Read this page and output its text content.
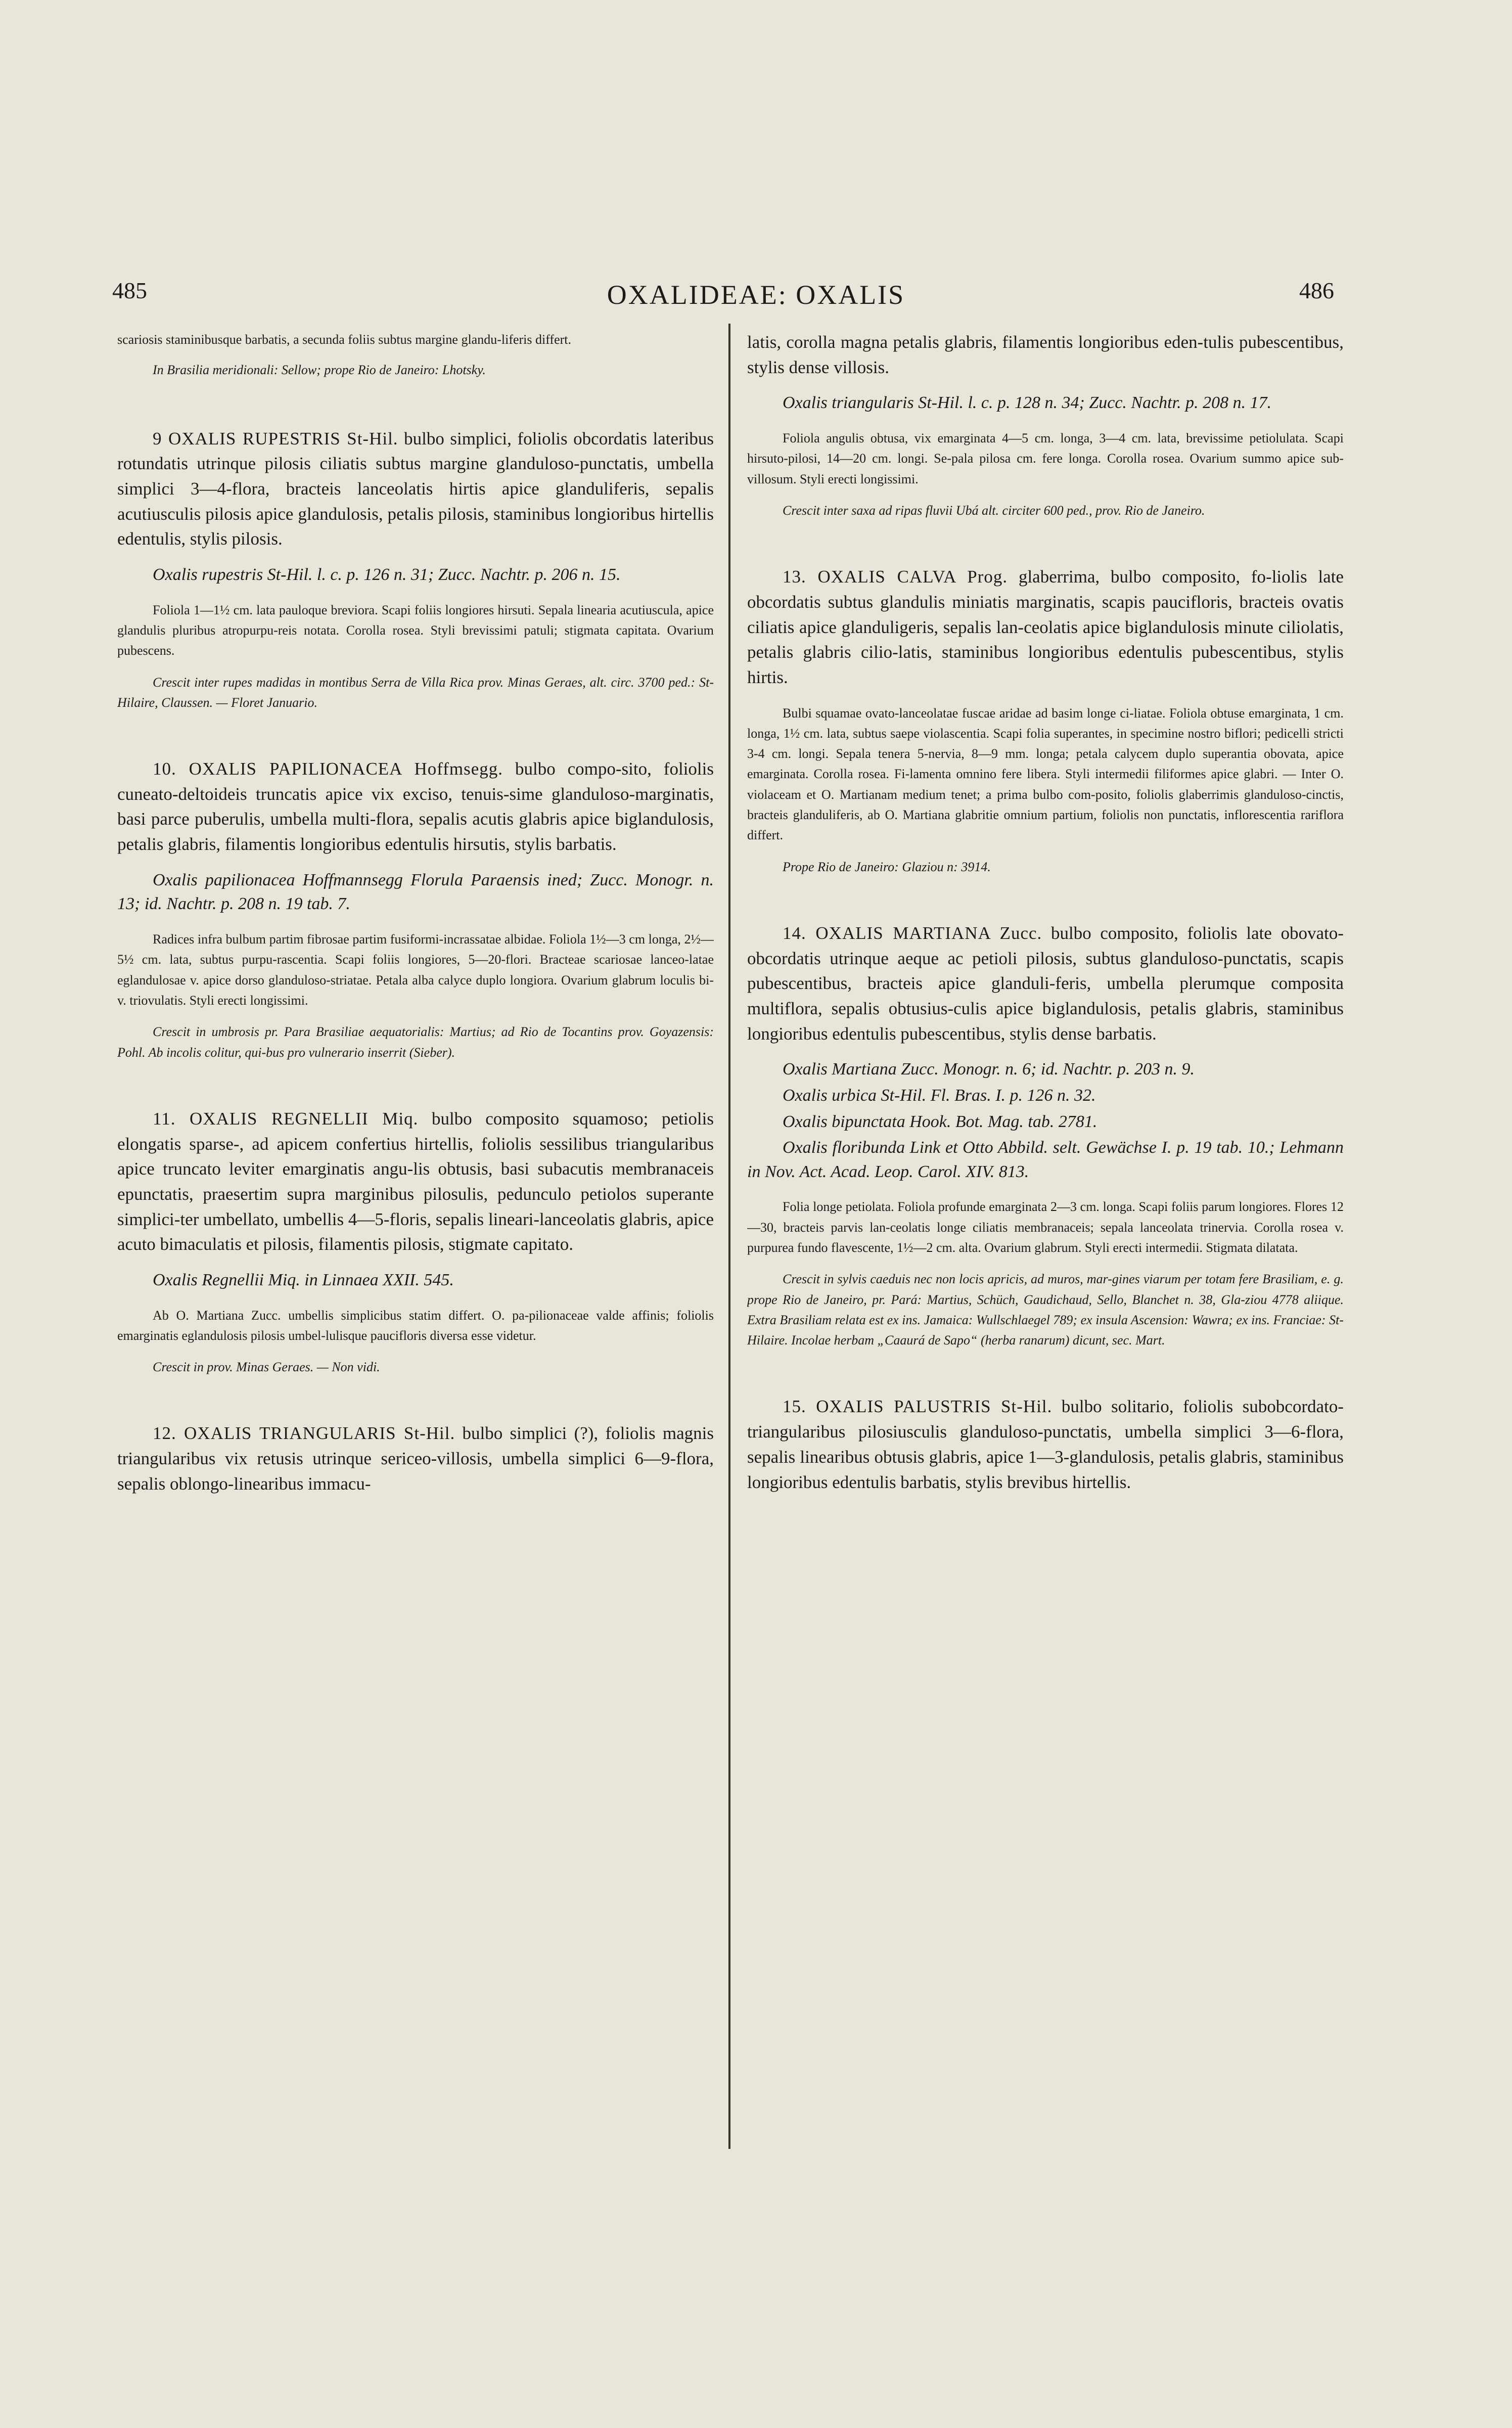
485	OXALIDEAE: OXALIS	486

scariosis staminibusque barbatis, a secunda foliis subtus margine glandu-liferis differt.

In Brasilia meridionali: Sellow; prope Rio de Janeiro: Lhotsky.

9 OXALIS RUPESTRIS St-Hil. bulbo simplici, foliolis obcordatis lateribus rotundatis utrinque pilosis ciliatis subtus margine glanduloso-punctatis, umbella simplici 3—4-flora, bracteis lanceolatis hirtis apice glanduliferis, sepalis acutiusculis pilosis apice glandulosis, petalis pilosis, staminibus longioribus hirtellis edentulis, stylis pilosis.

Oxalis rupestris St-Hil. l. c. p. 126 n. 31; Zucc. Nachtr. p. 206 n. 15.

Foliola 1—1½ cm. lata pauloque breviora. Scapi foliis longiores hirsuti. Sepala linearia acutiuscula, apice glandulis pluribus atropurpu-reis notata. Corolla rosea. Styli brevissimi patuli; stigmata capitata. Ovarium pubescens.

Crescit inter rupes madidas in montibus Serra de Villa Rica prov. Minas Geraes, alt. circ. 3700 ped.: St-Hilaire, Claussen. — Floret Januario.

10. OXALIS PAPILIONACEA Hoffmsegg. bulbo compo-sito, foliolis cuneato-deltoideis truncatis apice vix exciso, tenuis-sime glanduloso-marginatis, basi parce puberulis, umbella multi-flora, sepalis acutis glabris apice biglandulosis, petalis glabris, filamentis longioribus edentulis hirsutis, stylis barbatis.

Oxalis papilionacea Hoffmannsegg Florula Paraensis ined; Zucc. Monogr. n. 13; id. Nachtr. p. 208 n. 19 tab. 7.

Radices infra bulbum partim fibrosae partim fusiformi-incrassatae albidae. Foliola 1½—3 cm longa, 2½—5½ cm. lata, subtus purpu-rascentia. Scapi foliis longiores, 5—20-flori. Bracteae scariosae lanceo-latae eglandulosae v. apice dorso glanduloso-striatae. Petala alba calyce duplo longiora. Ovarium glabrum loculis bi- v. triovulatis. Styli erecti longissimi.

Crescit in umbrosis pr. Para Brasiliae aequatorialis: Martius; ad Rio de Tocantins prov. Goyazensis: Pohl. Ab incolis colitur, qui-bus pro vulnerario inserrit (Sieber).

11. OXALIS REGNELLII Miq. bulbo composito squamoso; petiolis elongatis sparse-, ad apicem confertius hirtellis, foliolis sessilibus triangularibus apice truncato leviter emarginatis angu-lis obtusis, basi subacutis membranaceis epunctatis, praesertim supra marginibus pilosulis, pedunculo petiolos superante simplici-ter umbellato, umbellis 4—5-floris, sepalis lineari-lanceolatis glabris, apice acuto bimaculatis et pilosis, filamentis pilosis, stigmate capitato.

Oxalis Regnellii Miq. in Linnaea XXII. 545.

Ab O. Martiana Zucc. umbellis simplicibus statim differt. O. pa-pilionaceae valde affinis; foliolis emarginatis eglandulosis pilosis umbel-lulisque paucifloris diversa esse videtur.

Crescit in prov. Minas Geraes. — Non vidi.

12. OXALIS TRIANGULARIS St-Hil. bulbo simplici (?), foliolis magnis triangularibus vix retusis utrinque sericeo-villosis, umbella simplici 6—9-flora, sepalis oblongo-linearibus immacu-

latis, corolla magna petalis glabris, filamentis longioribus eden-tulis pubescentibus, stylis dense villosis.

Oxalis triangularis St-Hil. l. c. p. 128 n. 34; Zucc. Nachtr. p. 208 n. 17.

Foliola angulis obtusa, vix emarginata 4—5 cm. longa, 3—4 cm. lata, brevissime petiolulata. Scapi hirsuto-pilosi, 14—20 cm. longi. Se-pala pilosa cm. fere longa. Corolla rosea. Ovarium summo apice sub-villosum. Styli erecti longissimi.

Crescit inter saxa ad ripas fluvii Ubá alt. circiter 600 ped., prov. Rio de Janeiro.

13. OXALIS CALVA Prog. glaberrima, bulbo composito, fo-liolis late obcordatis subtus glandulis miniatis marginatis, scapis paucifloris, bracteis ovatis ciliatis apice glanduligeris, sepalis lan-ceolatis apice biglandulosis minute ciliolatis, petalis glabris cilio-latis, staminibus longioribus edentulis pubescentibus, stylis hirtis.

Bulbi squamae ovato-lanceolatae fuscae aridae ad basim longe ci-liatae. Foliola obtuse emarginata, 1 cm. longa, 1½ cm. lata, subtus saepe violascentia. Scapi folia superantes, in specimine nostro biflori; pedicelli stricti 3-4 cm. longi. Sepala tenera 5-nervia, 8—9 mm. longa; petala calycem duplo superantia obovata, apice emarginata. Corolla rosea. Fi-lamenta omnino fere libera. Styli intermedii filiformes apice glabri. — Inter O. violaceam et O. Martianam medium tenet; a prima bulbo com-posito, foliolis glaberrimis glanduloso-cinctis, bracteis glanduliferis, ab O. Martiana glabritie omnium partium, foliolis non punctatis, inflorescentia rariflora differt.

Prope Rio de Janeiro: Glaziou n: 3914.

14. OXALIS MARTIANA Zucc. bulbo composito, foliolis late obovato-obcordatis utrinque aeque ac petioli pilosis, subtus glanduloso-punctatis, scapis pubescentibus, bracteis apice glanduli-feris, umbella plerumque composita multiflora, sepalis obtusius-culis apice biglandulosis, petalis glabris, staminibus longioribus edentulis pubescentibus, stylis dense barbatis.

Oxalis Martiana Zucc. Monogr. n. 6; id. Nachtr. p. 203 n. 9.

Oxalis urbica St-Hil. Fl. Bras. I. p. 126 n. 32.

Oxalis bipunctata Hook. Bot. Mag. tab. 2781.

Oxalis floribunda Link et Otto Abbild. selt. Gewächse I. p. 19 tab. 10.; Lehmann in Nov. Act. Acad. Leop. Carol. XIV. 813.

Folia longe petiolata. Foliola profunde emarginata 2—3 cm. longa. Scapi foliis parum longiores. Flores 12—30, bracteis parvis lan-ceolatis longe ciliatis membranaceis; sepala lanceolata trinervia. Corolla rosea v. purpurea fundo flavescente, 1½—2 cm. alta. Ovarium glabrum. Styli erecti intermedii. Stigmata dilatata.

Crescit in sylvis caeduis nec non locis apricis, ad muros, mar-gines viarum per totam fere Brasiliam, e. g. prope Rio de Janeiro, pr. Pará: Martius, Schüch, Gaudichaud, Sello, Blanchet n. 38, Gla-ziou 4778 aliique. Extra Brasiliam relata est ex ins. Jamaica: Wullschlaegel 789; ex insula Ascension: Wawra; ex ins. Franciae: St-Hilaire. Incolae herbam „Caaurá de Sapo“ (herba ranarum) dicunt, sec. Mart.

15. OXALIS PALUSTRIS St-Hil. bulbo solitario, foliolis subobcordato-triangularibus pilosiusculis glanduloso-punctatis, umbella simplici 3—6-flora, sepalis linearibus obtusis glabris, apice 1—3-glandulosis, petalis glabris, staminibus longioribus edentulis barbatis, stylis brevibus hirtellis.
